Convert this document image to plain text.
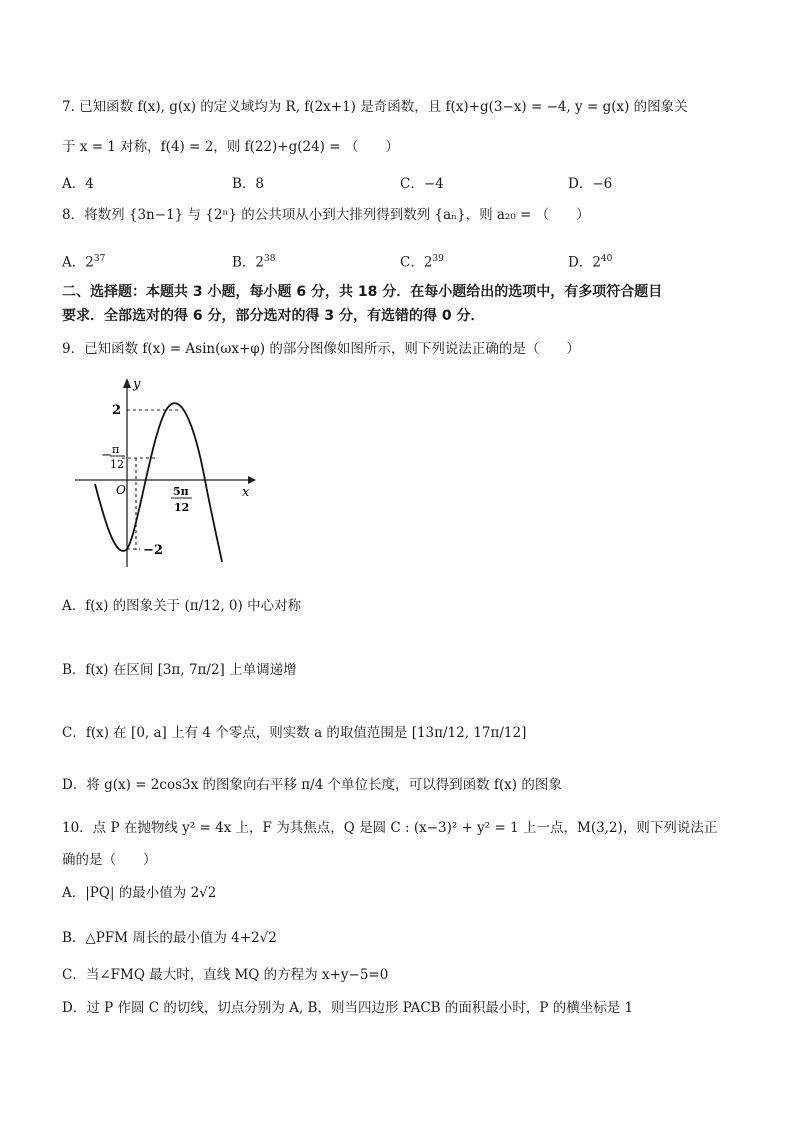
7. 已知函数 f(x), g(x) 的定义域均为 R, f(2x+1) 是奇函数，且 f(x)+g(3−x) = −4, y = g(x) 的图象关
于 x = 1 对称，f(4) = 2，则 f(22)+g(24) = （　　）
A．4	B．8	C．−4	D．−6
8．将数列 {3n−1} 与 {2ⁿ} 的公共项从小到大排列得到数列 {aₙ}，则 a₂₀ = （　　）
A．$2^{37}$	B．$2^{38}$	C．$2^{39}$	D．$2^{40}$
二、选择题：本题共 3 小题，每小题 6 分，共 18 分．在每小题给出的选项中，有多项符合题目
要求．全部选对的得 6 分，部分选对的得 3 分，有选错的得 0 分．
9．已知函数 f(x) = Asin(ωx+φ) 的部分图像如图所示，则下列说法正确的是（　　）
y
x
O
2
−2
− π
12
5π
12
A．f(x) 的图象关于 (π/12, 0) 中心对称
B．f(x) 在区间 [3π, 7π/2] 上单调递增
C．f(x) 在 [0, a] 上有 4 个零点，则实数 a 的取值范围是 [13π/12, 17π/12]
D．将 g(x) = 2cos3x 的图象向右平移 π/4 个单位长度，可以得到函数 f(x) 的图象
10．点 P 在抛物线 y² = 4x 上，F 为其焦点，Q 是圆 C : (x−3)² + y² = 1 上一点，M(3,2)，则下列说法正
确的是（　　）
A．|PQ| 的最小值为 2√2
B．△PFM 周长的最小值为 4+2√2
C．当∠FMQ 最大时，直线 MQ 的方程为 x+y−5=0
D．过 P 作圆 C 的切线，切点分别为 A, B，则当四边形 PACB 的面积最小时，P 的横坐标是 1
